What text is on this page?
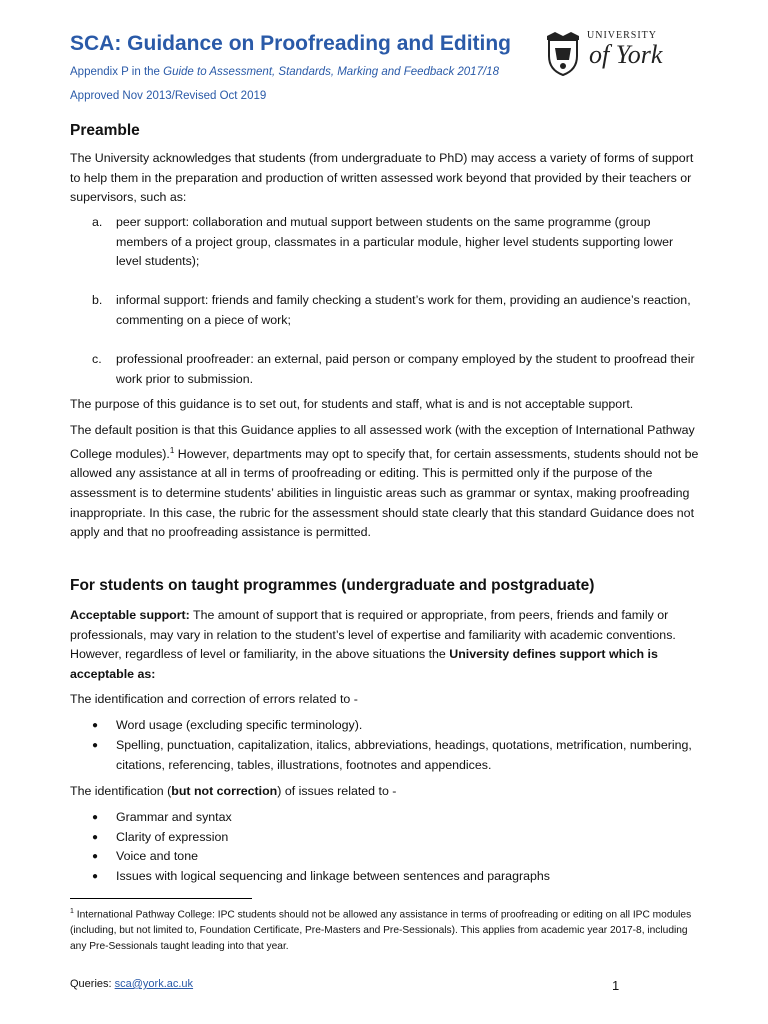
SCA: Guidance on Proofreading and Editing
Appendix P in the Guide to Assessment, Standards, Marking and Feedback 2017/18
Approved Nov 2013/Revised Oct 2019
UNIVERSITY
of York
Preamble

The University acknowledges that students (from undergraduate to PhD) may access a variety of forms of support to help them in the preparation and production of written assessed work beyond that provided by their teachers or supervisors, such as:

a. peer support: collaboration and mutual support between students on the same programme (group members of a project group, classmates in a particular module, higher level students supporting lower level students);
b. informal support: friends and family checking a student’s work for them, providing an audience’s reaction, commenting on a piece of work;
c. professional proofreader: an external, paid person or company employed by the student to proofread their work prior to submission.

The purpose of this guidance is to set out, for students and staff, what is and is not acceptable support.

The default position is that this Guidance applies to all assessed work (with the exception of International Pathway College modules).$^1$ However, departments may opt to specify that, for certain assessments, students should not be allowed any assistance at all in terms of proofreading or editing. This is permitted only if the purpose of the assessment is to determine students’ abilities in linguistic areas such as grammar or syntax, making proofreading inappropriate. In this case, the rubric for the assessment should state clearly that this standard Guidance does not apply and that no proofreading assistance is permitted.

For students on taught programmes (undergraduate and postgraduate)

Acceptable support: The amount of support that is required or appropriate, from peers, friends and family or professionals, may vary in relation to the student’s level of expertise and familiarity with academic conventions. However, regardless of level or familiarity, in the above situations the University defines support which is acceptable as:

The identification and correction of errors related to -

● Word usage (excluding specific terminology).
● Spelling, punctuation, capitalization, italics, abbreviations, headings, quotations, metrification, numbering, citations, referencing, tables, illustrations, footnotes and appendices.

The identification (but not correction) of issues related to -

● Grammar and syntax
● Clarity of expression
● Voice and tone
● Issues with logical sequencing and linkage between sentences and paragraphs
$^1$ International Pathway College: IPC students should not be allowed any assistance in terms of proofreading or editing on all IPC modules (including, but not limited to, Foundation Certificate, Pre-Masters and Pre-Sessionals). This applies from academic year 2017-8, including any Pre-Sessionals taught leading into that year.
Queries: sca@york.ac.uk	1
